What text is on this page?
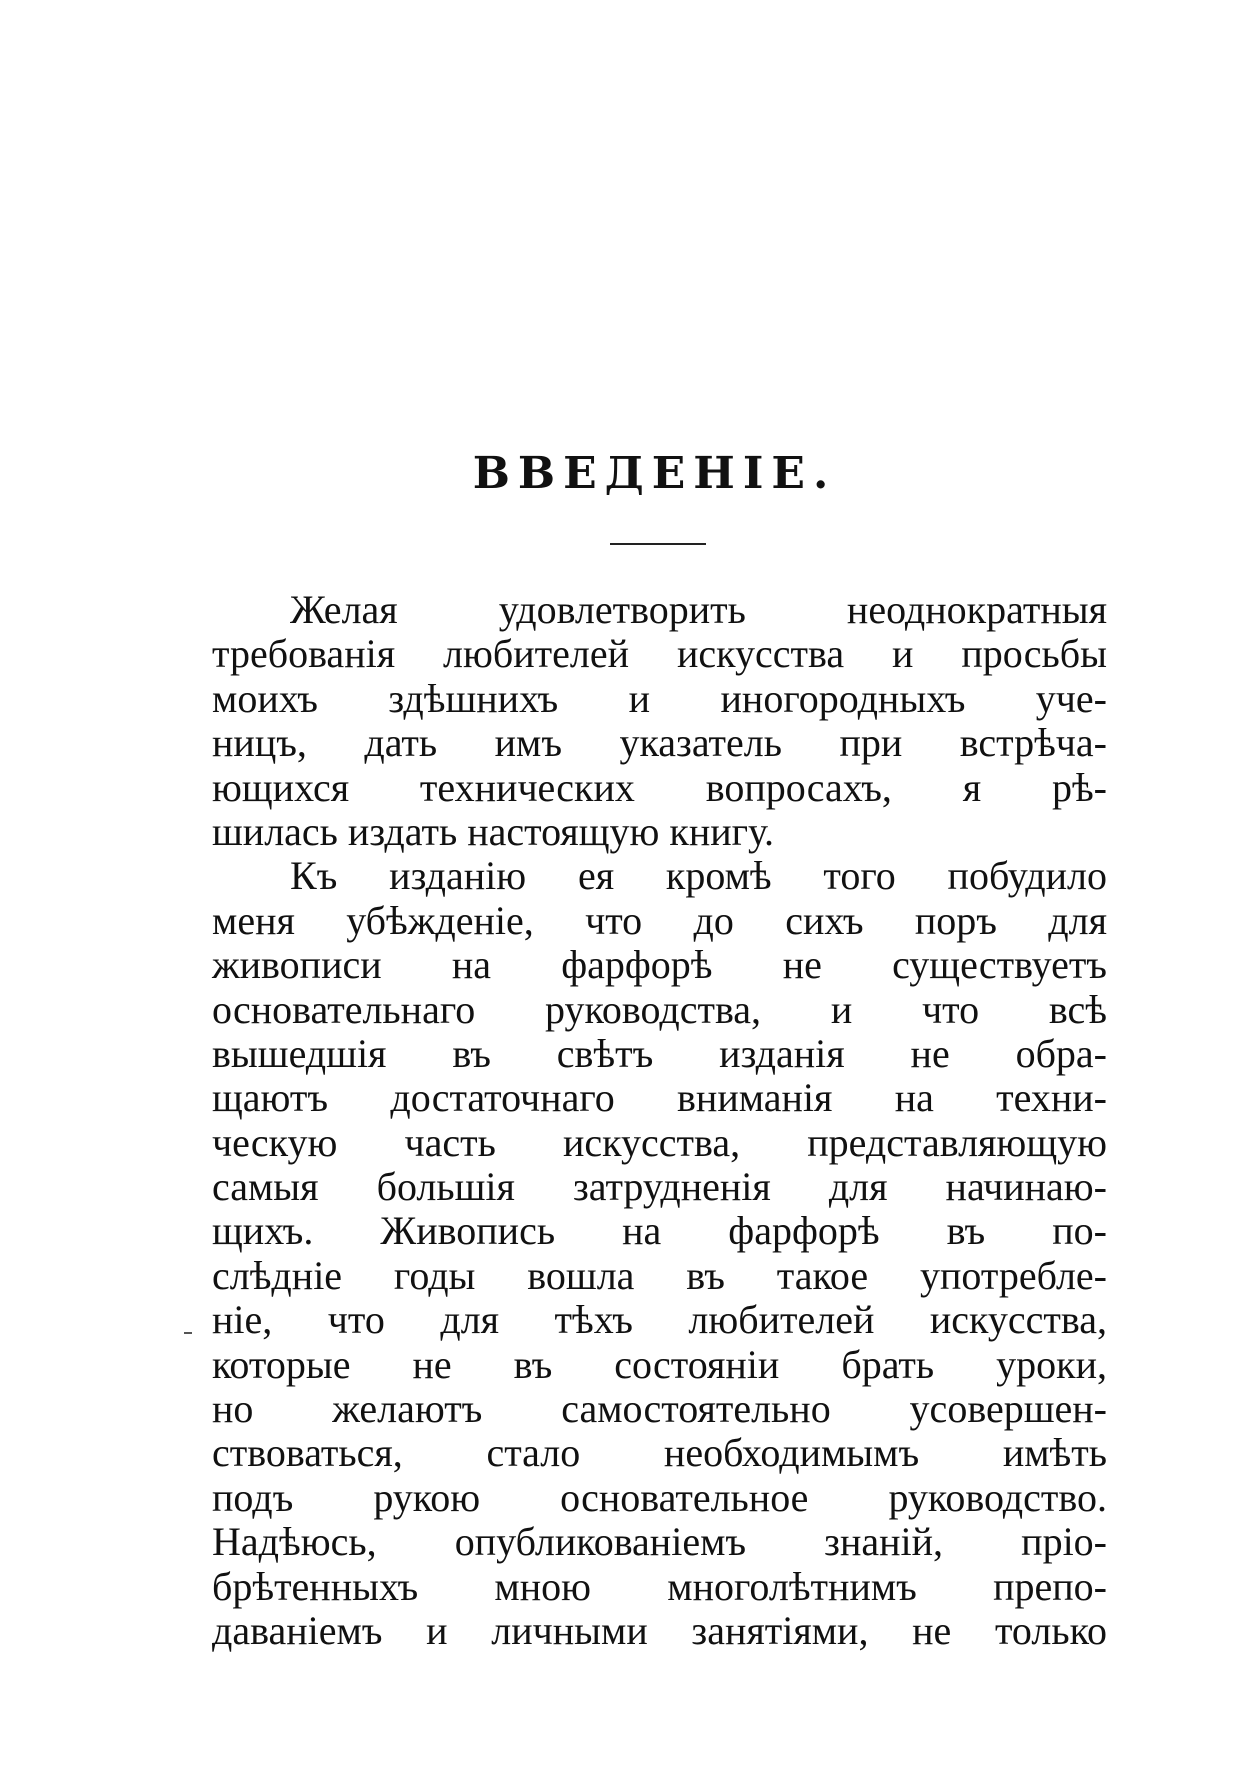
ВВЕДЕНIЕ.
Желая удовлетворить неоднократныя
требованія любителей искусства и просьбы
моихъ здѣшнихъ и иногородныхъ уче-
ницъ, дать имъ указатель при встрѣча-
ющихся технических вопросахъ, я рѣ-
шилась издать настоящую книгу.
Къ изданію ея кромѣ того побудило
меня убѣжденіе, что до сихъ поръ для
живописи на фарфорѣ не существуетъ
основательнаго руководства, и что всѣ
вышедшія въ свѣтъ изданія не обра-
щаютъ достаточнаго вниманія на техни-
ческую часть искусства, представляющую
самыя большія затрудненія для начинаю-
щихъ. Живопись на фарфорѣ въ по-
слѣдніе годы вошла въ такое употребле-
ніе, что для тѣхъ любителей искусства,
которые не въ состояніи брать уроки,
но желаютъ самостоятельно усовершен-
ствоваться, стало необходимымъ имѣть
подъ рукою основательное руководство.
Надѣюсь, опубликованіемъ знаній, прiо-
брѣтенныхъ мною многолѣтнимъ препо-
даваніемъ и личными занятіями, не только
